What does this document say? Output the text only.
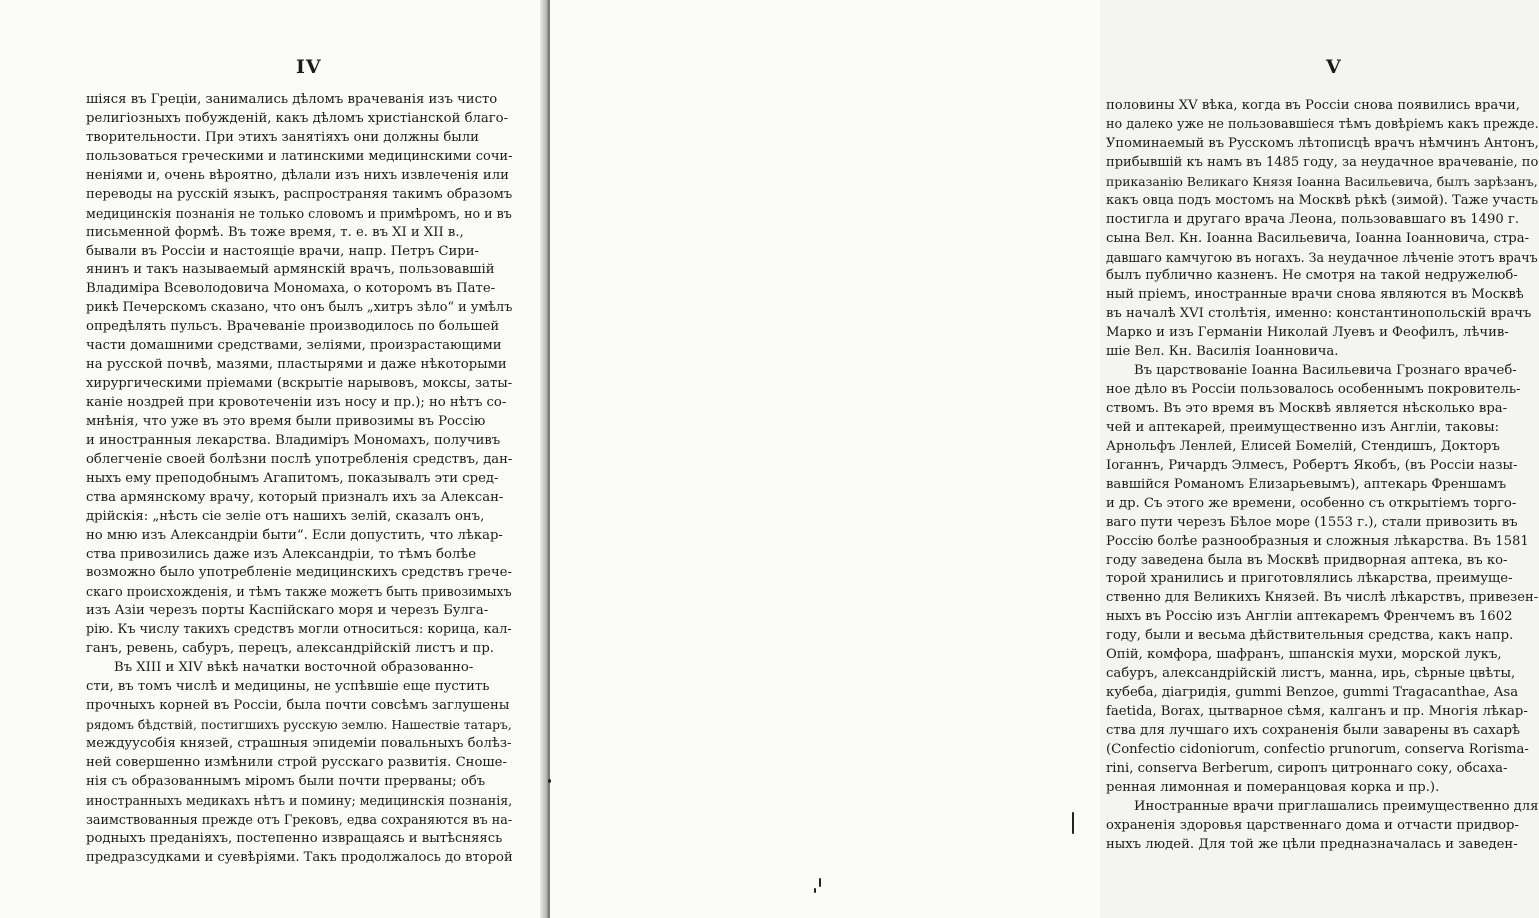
IV
шіяся въ Греціи, занимались дѣломъ врачеванія изъ чисто
религіозныхъ побужденій, какъ дѣломъ христіанской благо-
творительности. При этихъ занятіяхъ они должны были
пользоваться греческими и латинскими медицинскими сочи-
неніями и, очень вѣроятно, дѣлали изъ нихъ извлеченія или
переводы на русскій языкъ, распространяя такимъ образомъ
медицинскія познанія не только словомъ и примѣромъ, но и въ
письменной формѣ. Въ тоже время, т. е. въ XI и XII в.,
бывали въ Россіи и настоящіе врачи, напр. Петръ Сири-
янинъ и такъ называемый армянскій врачъ, пользовавшій
Владиміра Всеволодовича Мономаха, о которомъ въ Пате-
рикѣ Печерскомъ сказано, что онъ былъ „хитръ зѣло“ и умѣлъ
опредѣлять пульсъ. Врачеваніе производилось по большей
части домашними средствами, зеліями, произрастающими
на русской почвѣ, мазями, пластырями и даже нѣкоторыми
хирургическими пріемами (вскрытіе нарывовъ, моксы, заты-
каніе ноздрей при кровотеченіи изъ носу и пр.); но нѣтъ со-
мнѣнія, что уже въ это время были привозимы въ Россію
и иностранныя лекарства. Владиміръ Мономахъ, получивъ
облегченіе своей болѣзни послѣ употребленія средствъ, дан-
ныхъ ему преподобнымъ Агапитомъ, показывалъ эти сред-
ства армянскому врачу, который призналъ ихъ за Алексан-
дрійскія: „нѣсть сіе зеліе отъ нашихъ зелій, сказалъ онъ,
но мню изъ Александріи быти“. Если допустить, что лѣкар-
ства привозились даже изъ Александріи, то тѣмъ болѣе
возможно было употребленіе медицинскихъ средствъ грече-
скаго происхожденія, и тѣмъ также можетъ быть привозимыхъ
изъ Азіи черезъ порты Каспійскаго моря и черезъ Булга-
рію. Къ числу такихъ средствъ могли относиться: корица, кал-
ганъ, ревень, сабуръ, перецъ, александрійскій листъ и пр.
Въ XIII и XIV вѣкѣ начатки восточной образованно-
сти, въ томъ числѣ и медицины, не успѣвшіе еще пустить
прочныхъ корней въ Россіи, была почти совсѣмъ заглушены
рядомъ бѣдствій, постигшихъ русскую землю. Нашествіе татаръ,
междуусобія князей, страшныя эпидеміи повальныхъ болѣз-
ней совершенно измѣнили строй русскаго развитія. Сноше-
нія съ образованнымъ міромъ были почти прерваны; объ
иностранныхъ медикахъ нѣтъ и помину; медицинскія познанія,
заимствованныя прежде отъ Грековъ, едва сохраняются въ на-
родныхъ преданіяхъ, постепенно извращаясь и вытѣсняясь
предразсудками и суевѣріями. Такъ продолжалось до второй
V
половины XV вѣка, когда въ Россіи снова появились врачи,
но далеко уже не пользовавшіеся тѣмъ довѣріемъ какъ прежде.
Упоминаемый въ Русскомъ лѣтописцѣ врачъ нѣмчинъ Антонъ,
прибывшій къ намъ въ 1485 году, за неудачное врачеваніе, по
приказанію Великаго Князя Іоанна Васильевича, былъ зарѣзанъ,
какъ овца подъ мостомъ на Москвѣ рѣкѣ (зимой). Таже участь
постигла и другаго врача Леона, пользовавшаго въ 1490 г.
сына Вел. Кн. Іоанна Васильевича, Іоанна Іоанновича, стра-
давшаго камчугою въ ногахъ. За неудачное лѣченіе этотъ врачъ
былъ публично казненъ. Не смотря на такой недружелюб-
ный пріемъ, иностранные врачи снова являются въ Москвѣ
въ началѣ XVI столѣтія, именно: константинопольскій врачъ
Марко и изъ Германіи Николай Луевъ и Феофилъ, лѣчив-
шіе Вел. Кн. Василія Іоанновича.
Въ царствованіе Іоанна Васильевича Грознаго врачеб-
ное дѣло въ Россіи пользовалось особеннымъ покровитель-
ствомъ. Въ это время въ Москвѣ является нѣсколько вра-
чей и аптекарей, преимущественно изъ Англіи, таковы:
Арнольфъ Ленлей, Елисей Бомелій, Стендишъ, Докторъ
Іоганнъ, Ричардъ Элмесъ, Робертъ Якобъ, (въ Россіи назы-
вавшійся Романомъ Елизарьевымъ), аптекарь Френшамъ
и др. Съ этого же времени, особенно съ открытіемъ торго-
ваго пути черезъ Бѣлое море (1553 г.), стали привозить въ
Россію болѣе разнообразныя и сложныя лѣкарства. Въ 1581
году заведена была въ Москвѣ придворная аптека, въ ко-
торой хранились и приготовлялись лѣкарства, преимуще-
ственно для Великихъ Князей. Въ числѣ лѣкарствъ, привезен-
ныхъ въ Россію изъ Англіи аптекаремъ Френчемъ въ 1602
году, были и весьма дѣйствительныя средства, какъ напр.
Опій, комфора, шафранъ, шпанскія мухи, морской лукъ,
сабуръ, александрійскій листъ, манна, ирь, сѣрные цвѣты,
кубеба, діагридія, gummi Benzoe, gummi Tragacanthae, Asa
faetida, Borax, цытварное сѣмя, калганъ и пр. Многія лѣкар-
ства для лучшаго ихъ сохраненія были заварены въ сахарѣ
(Confectio cidoniorum, confectio prunorum, conserva Rorisma-
rini, conserva Berberum, сиропъ цитроннаго соку, обсаха-
ренная лимонная и померанцовая корка и пр.).
Иностранные врачи приглашались преимущественно для
охраненія здоровья царственнаго дома и отчасти придвор-
ныхъ людей. Для той же цѣли предназначалась и заведен-
